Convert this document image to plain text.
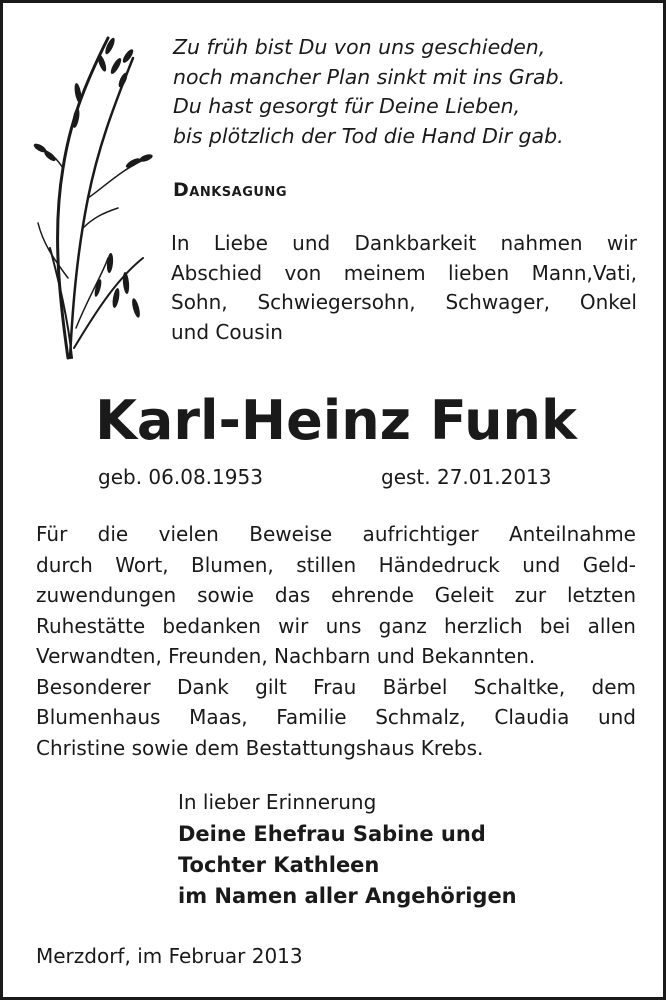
Zu früh bist Du von uns geschieden,
noch mancher Plan sinkt mit ins Grab.
Du hast gesorgt für Deine Lieben,
bis plötzlich der Tod die Hand Dir gab.
Danksagung
In Liebe und Dankbarkeit nahmen wir
Abschied von meinem lieben Mann,Vati,
Sohn, Schwiegersohn, Schwager, Onkel
und Cousin
Karl-Heinz Funk
geb. 06.08.1953	gest. 27.01.2013
Für die vielen Beweise aufrichtiger Anteilnahme
durch Wort, Blumen, stillen Händedruck und Geld-
zuwendungen sowie das ehrende Geleit zur letzten
Ruhestätte bedanken wir uns ganz herzlich bei allen
Verwandten, Freunden, Nachbarn und Bekannten.
Besonderer Dank gilt Frau Bärbel Schaltke, dem
Blumenhaus Maas, Familie Schmalz, Claudia und
Christine sowie dem Bestattungshaus Krebs.
In lieber Erinnerung
Deine Ehefrau Sabine und
Tochter Kathleen
im Namen aller Angehörigen
Merzdorf, im Februar 2013
